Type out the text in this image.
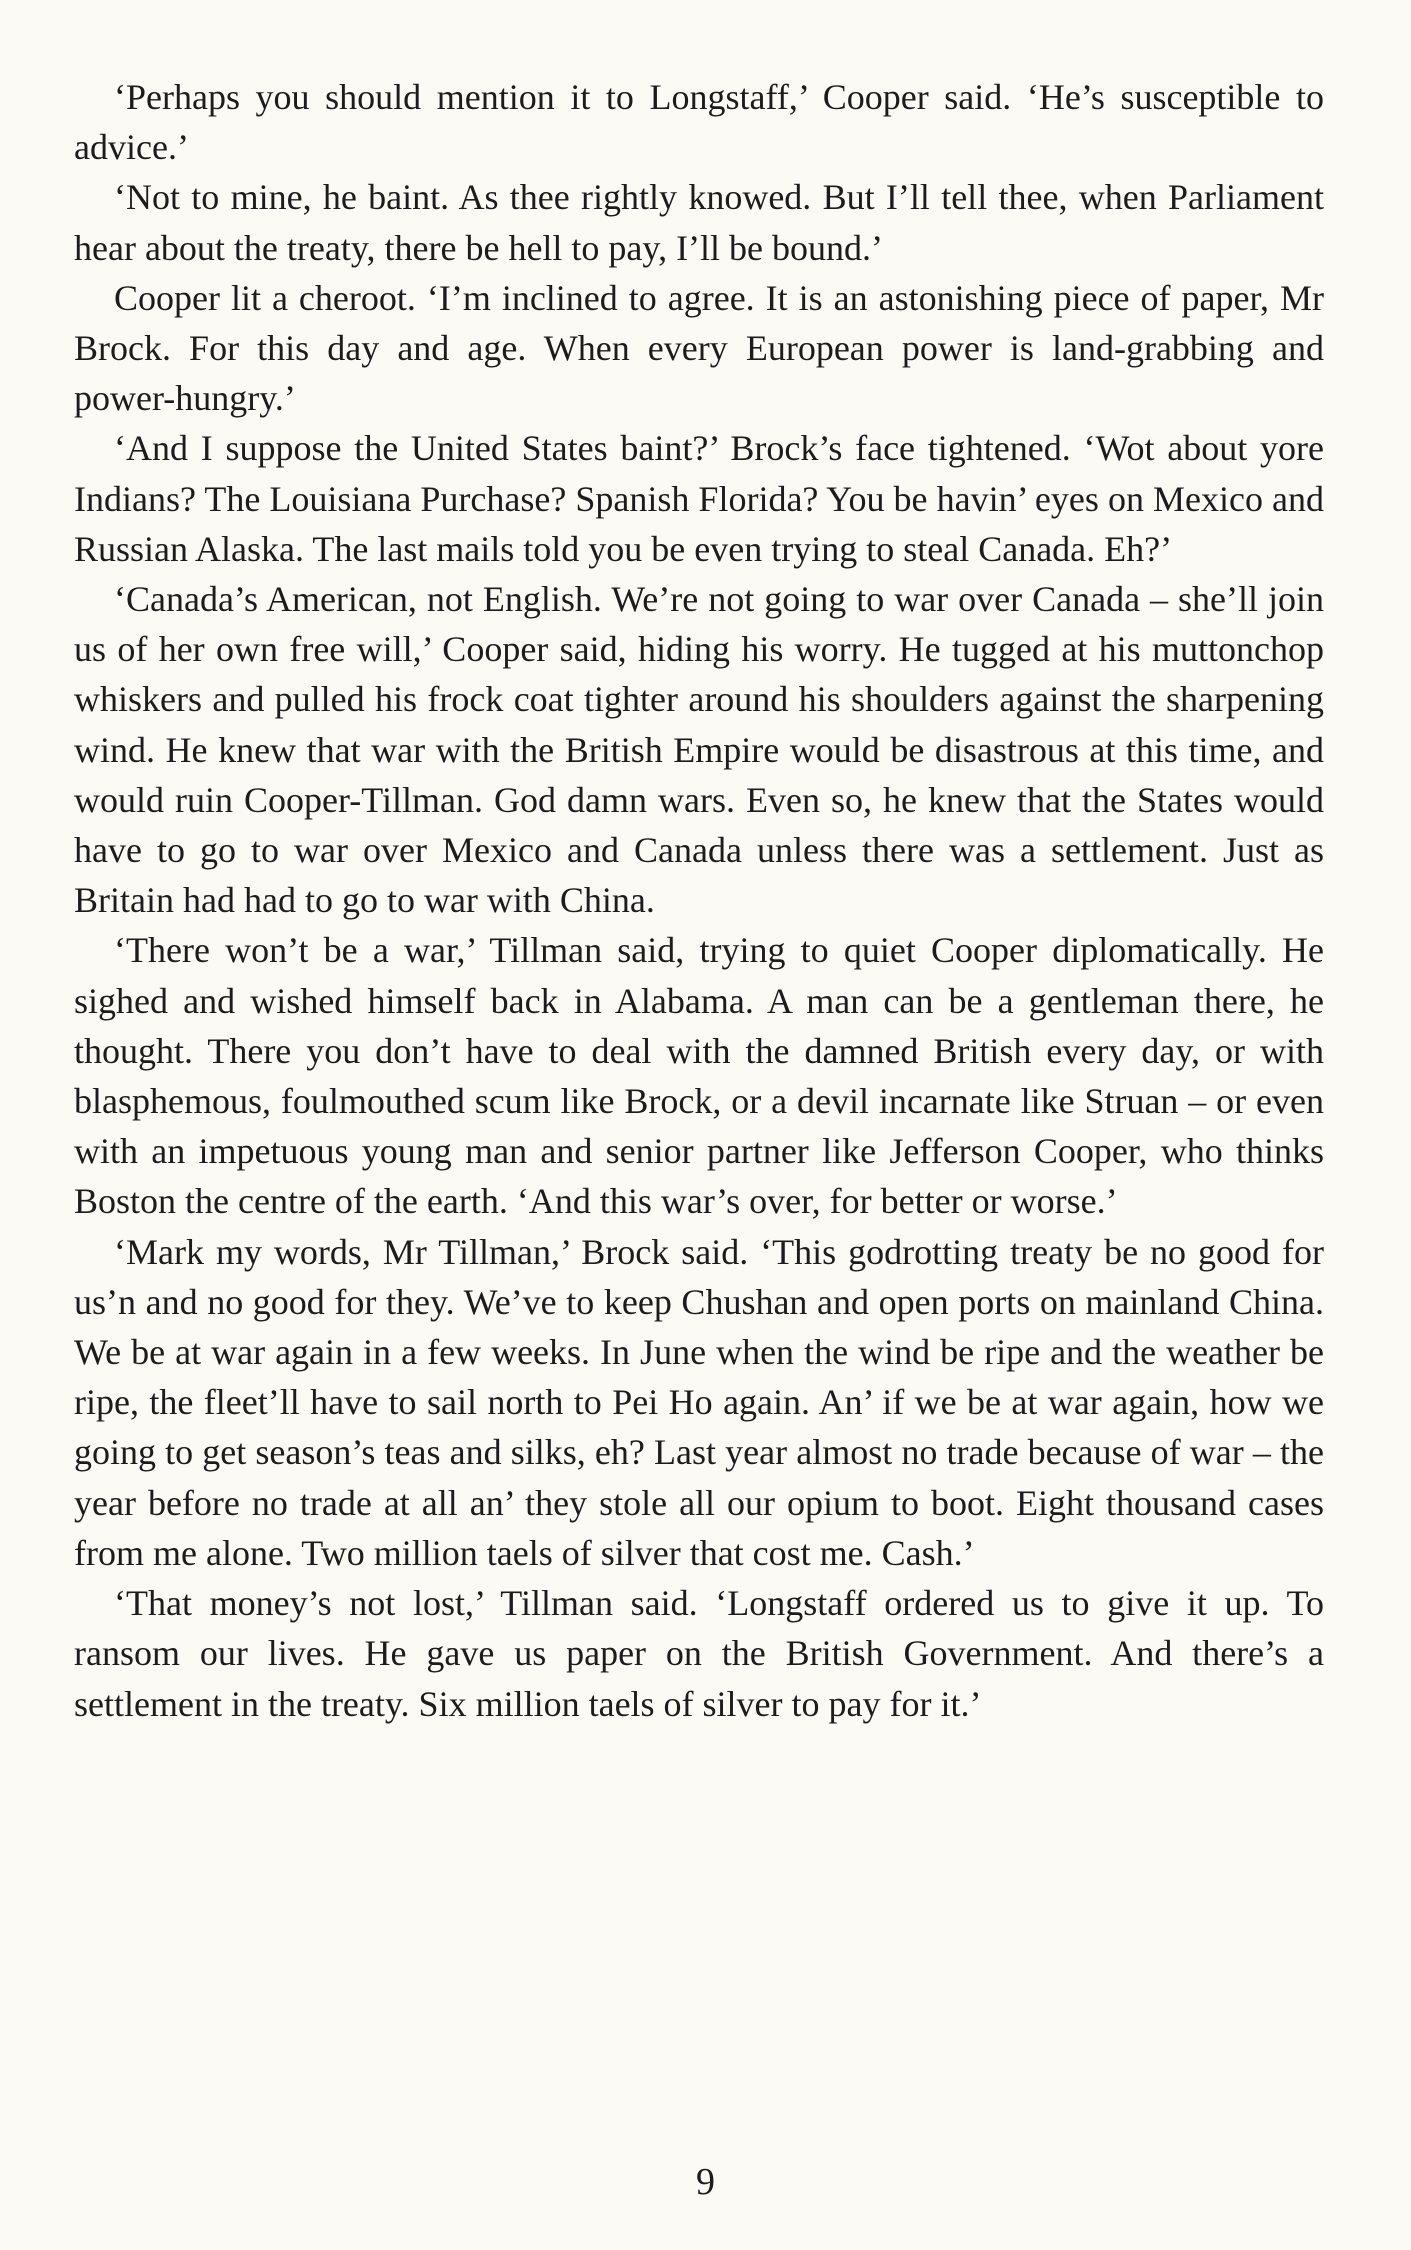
‘Perhaps you should mention it to Longstaff,’ Cooper said. ‘He’s susceptible to advice.’

‘Not to mine, he baint. As thee rightly knowed. But I’ll tell thee, when Parliament hear about the treaty, there be hell to pay, I’ll be bound.’

Cooper lit a cheroot. ‘I’m inclined to agree. It is an astonishing piece of paper, Mr Brock. For this day and age. When every European power is land-grabbing and power-hungry.’

‘And I suppose the United States baint?’ Brock’s face tightened. ‘Wot about yore Indians? The Louisiana Purchase? Spanish Florida? You be havin’ eyes on Mexico and Russian Alaska. The last mails told you be even trying to steal Canada. Eh?’

‘Canada’s American, not English. We’re not going to war over Canada – she’ll join us of her own free will,’ Cooper said, hiding his worry. He tugged at his muttonchop whiskers and pulled his frock coat tighter around his shoulders against the sharpening wind. He knew that war with the British Empire would be disastrous at this time, and would ruin Cooper-Tillman. God damn wars. Even so, he knew that the States would have to go to war over Mexico and Canada unless there was a settlement. Just as Britain had had to go to war with China.

‘There won’t be a war,’ Tillman said, trying to quiet Cooper diplomatically. He sighed and wished himself back in Alabama. A man can be a gentleman there, he thought. There you don’t have to deal with the damned British every day, or with blasphemous, foulmouthed scum like Brock, or a devil incarnate like Struan – or even with an impetuous young man and senior partner like Jefferson Cooper, who thinks Boston the centre of the earth. ‘And this war’s over, for better or worse.’

‘Mark my words, Mr Tillman,’ Brock said. ‘This godrotting treaty be no good for us’n and no good for they. We’ve to keep Chushan and open ports on mainland China. We be at war again in a few weeks. In June when the wind be ripe and the weather be ripe, the fleet’ll have to sail north to Pei Ho again. An’ if we be at war again, how we going to get season’s teas and silks, eh? Last year almost no trade because of war – the year before no trade at all an’ they stole all our opium to boot. Eight thousand cases from me alone. Two million taels of silver that cost me. Cash.’

‘That money’s not lost,’ Tillman said. ‘Longstaff ordered us to give it up. To ransom our lives. He gave us paper on the British Government. And there’s a settlement in the treaty. Six million taels of silver to pay for it.’

9
